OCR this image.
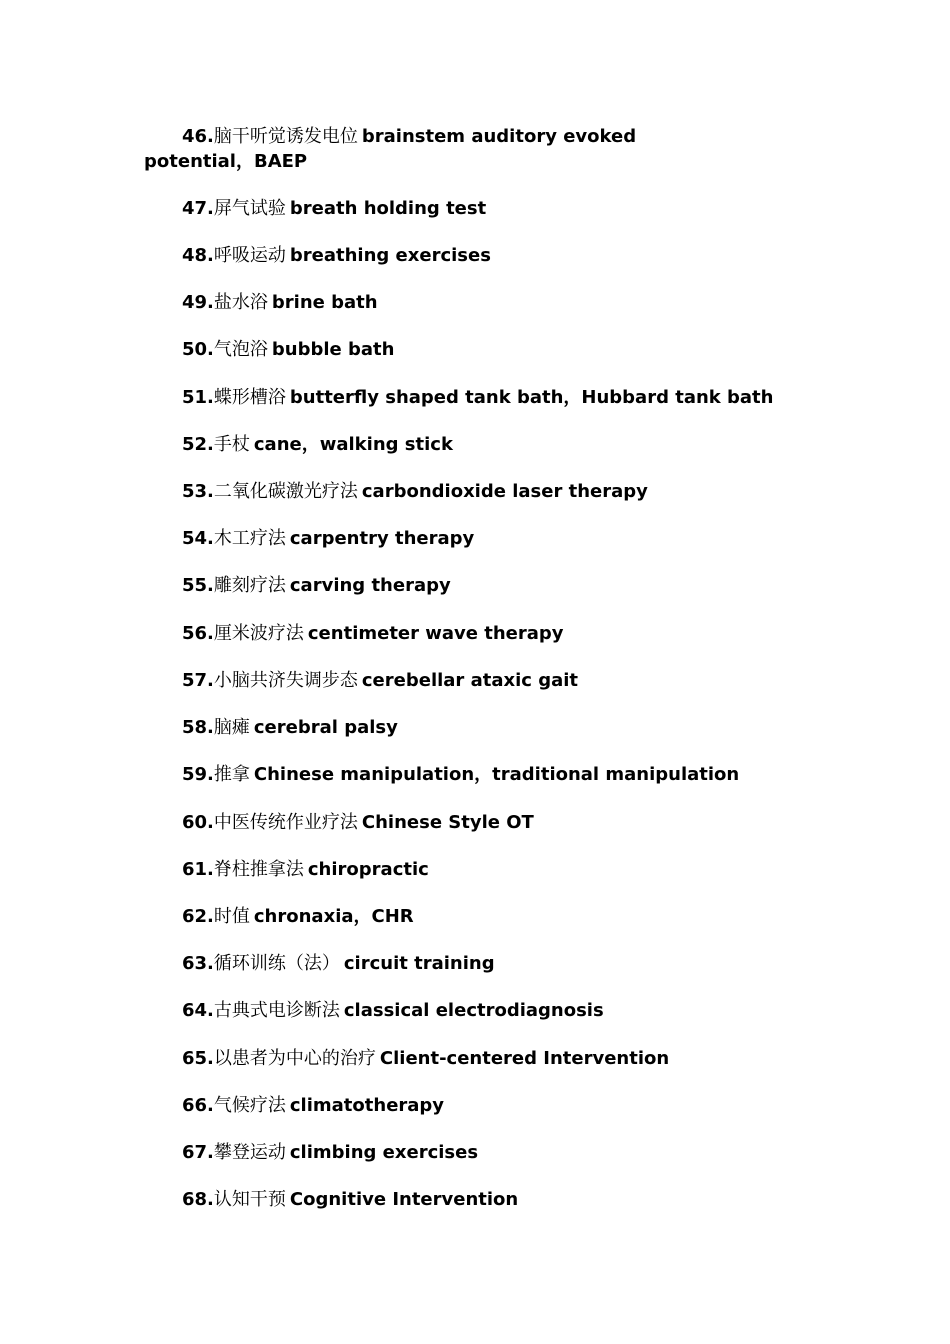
46.脑干听觉诱发电位 brainstem auditory evoked
potential，BAEP
47.屏气试验 breath holding test
48.呼吸运动 breathing exercises
49.盐水浴 brine bath
50.气泡浴 bubble bath
51.蝶形槽浴 butterfly shaped tank bath，Hubbard tank bath
52.手杖 cane，walking stick
53.二氧化碳激光疗法 carbondioxide laser therapy
54.木工疗法 carpentry therapy
55.雕刻疗法 carving therapy
56.厘米波疗法 centimeter wave therapy
57.小脑共济失调步态 cerebellar ataxic gait
58.脑瘫 cerebral palsy
59.推拿 Chinese manipulation，traditional manipulation
60.中医传统作业疗法 Chinese Style OT
61.脊柱推拿法 chiropractic
62.时值 chronaxia，CHR
63.循环训练（法） circuit training
64.古典式电诊断法 classical electrodiagnosis
65.以患者为中心的治疗 Client-centered Intervention
66.气候疗法 climatotherapy
67.攀登运动 climbing exercises
68.认知干预 Cognitive Intervention
